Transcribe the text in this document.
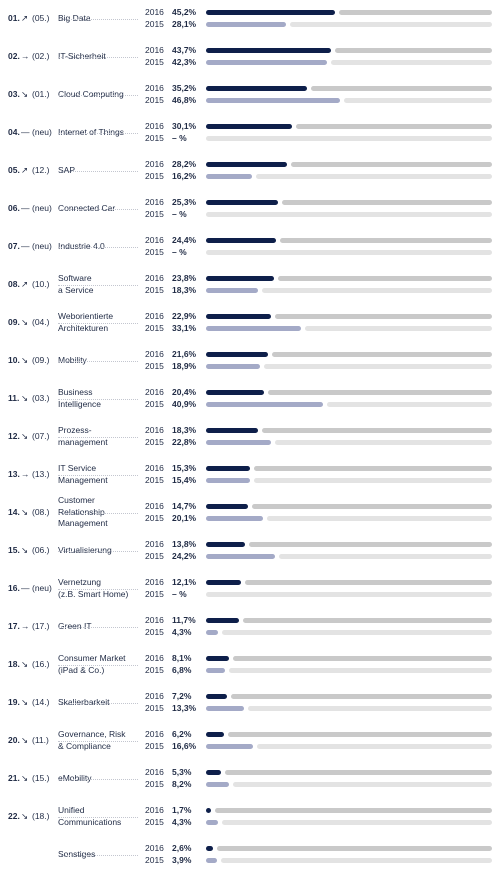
01. ↗ (05.) Big Data
2016 45,2%
2015 28,1%
02. → (02.) IT-Sicherheit
2016 43,7%
2015 42,3%
03. ↘ (01.) Cloud Computing
2016 35,2%
2015 46,8%
04. — (neu) Internet of Things
2016 30,1%
2015 – %
05. ↗ (12.) SAP
2016 28,2%
2015 16,2%
06. — (neu) Connected Car
2016 25,3%
2015 – %
07. — (neu) Industrie 4.0
2016 24,4%
2015 – %
08. ↗ (10.)
Software
a Service
2016 23,8%
2015 18,3%
09. ↘ (04.)
Weborientierte
Architekturen
2016 22,9%
2015 33,1%
10. ↘ (09.) Mobility
2016 21,6%
2015 18,9%
11. ↘ (03.)
Business
Intelligence
2016 20,4%
2015 40,9%
12. ↘ (07.)
Prozess-
management
2016 18,3%
2015 22,8%
13. → (13.)
IT Service
Management
2016 15,3%
2015 15,4%
14. ↘ (08.)
Customer
Relationship
Management
2016 14,7%
2015 20,1%
15. ↘ (06.) Virtualisierung
2016 13,8%
2015 24,2%
16. — (neu)
Vernetzung
(z.B. Smart Home)
2016 12,1%
2015 – %
17. → (17.) Green IT
2016 11,7%
2015 4,3%
18. ↘ (16.)
Consumer Market
(iPad & Co.)
2016 8,1%
2015 6,8%
19. ↘ (14.) Skalierbarkeit
2016 7,2%
2015 13,3%
20. ↘ (11.)
Governance, Risk
& Compliance
2016 6,2%
2015 16,6%
21. ↘ (15.) eMobility
2016 5,3%
2015 8,2%
22. ↘ (18.)
Unified
Communications
2016 1,7%
2015 4,3%
Sonstiges
2016 2,6%
2015 3,9%
